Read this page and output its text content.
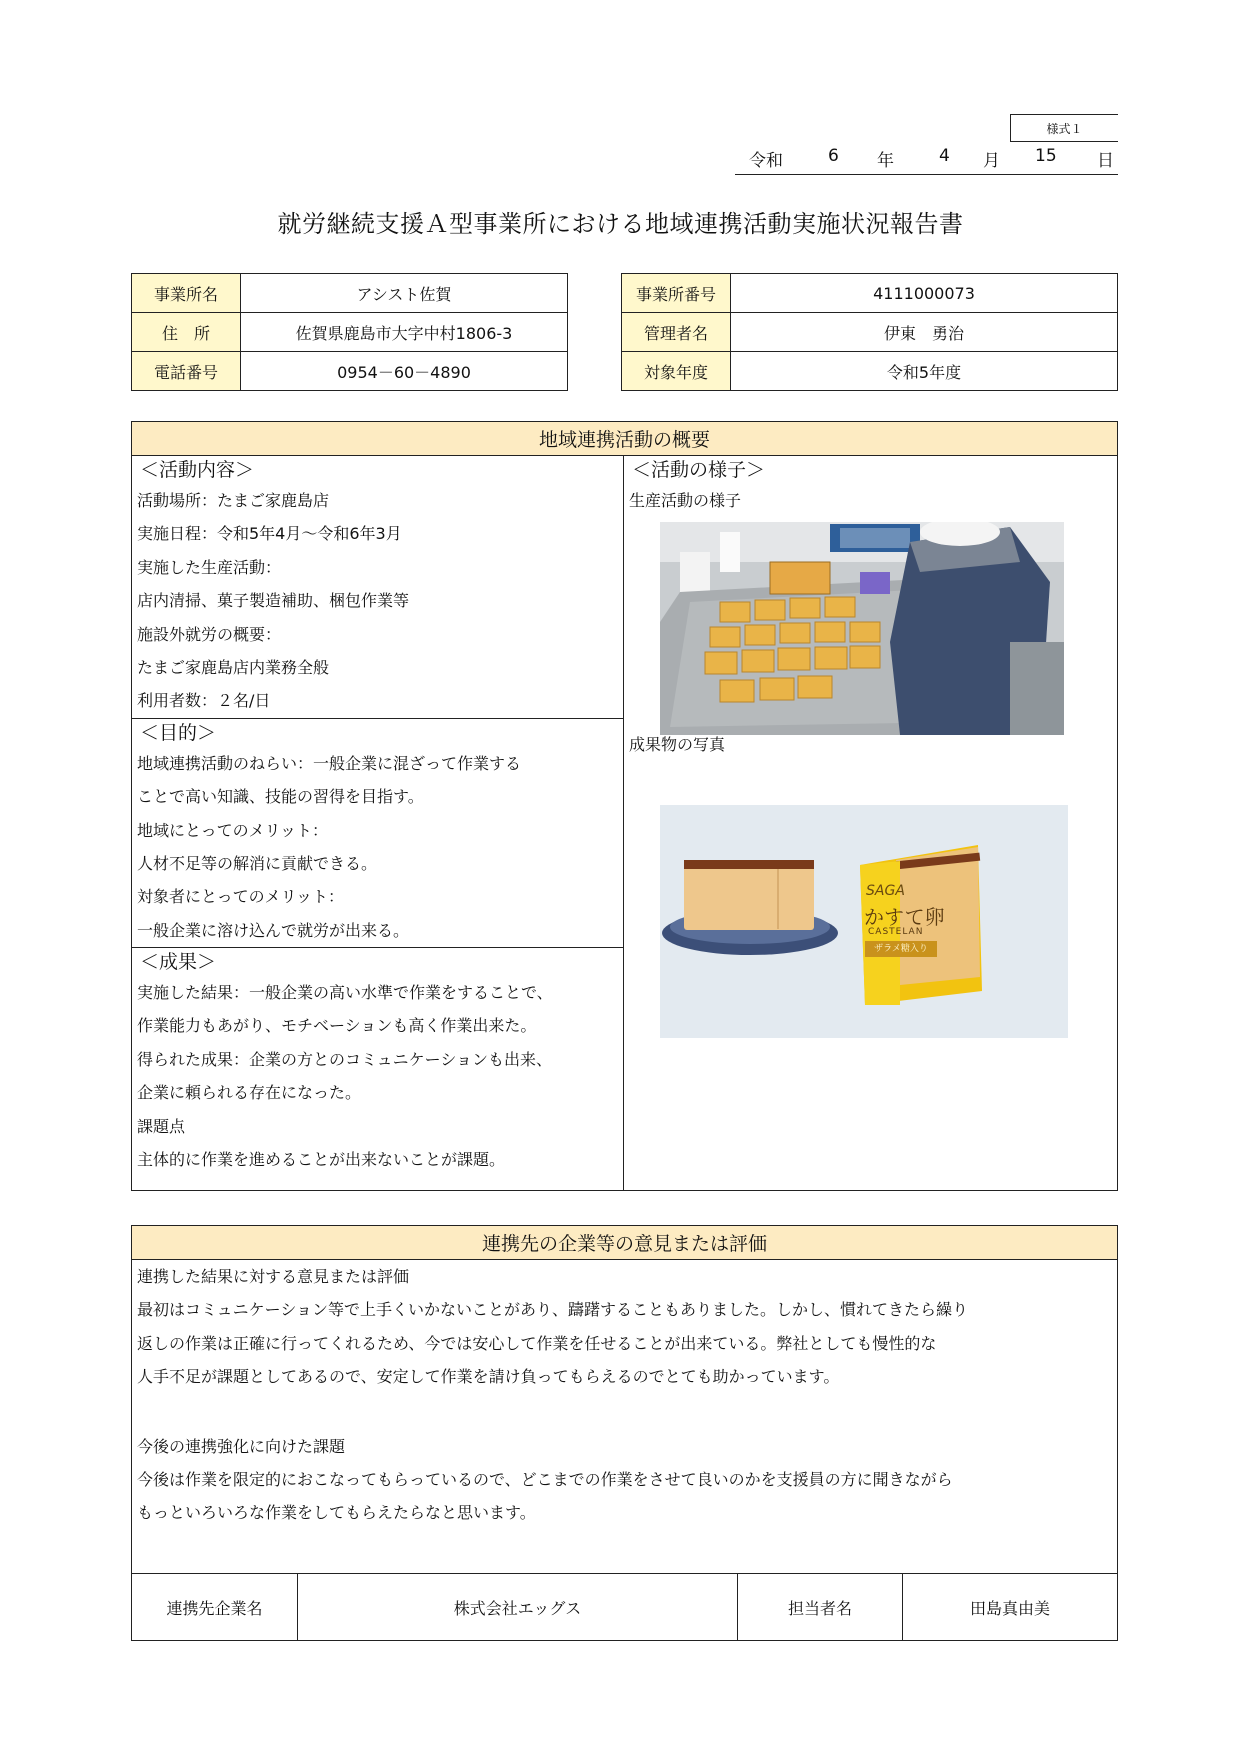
様式１
令和	6 年	4 月 15 日
就労継続支援Ａ型事業所における地域連携活動実施状況報告書
事業所名	アシスト佐賀
住　所	佐賀県鹿島市大字中村1806-3
電話番号	0954－60－4890
事業所番号	4111000073
管理者名	伊東　勇治
対象年度	令和5年度
地域連携活動の概要
＜活動内容＞
活動場所：たまご家鹿島店
実施日程：令和5年4月～令和6年3月
実施した生産活動：
店内清掃、菓子製造補助、梱包作業等
施設外就労の概要：
たまご家鹿島店内業務全般
利用者数：２名/日
＜目的＞
地域連携活動のねらい：一般企業に混ざって作業する
ことで高い知識、技能の習得を目指す。
地域にとってのメリット：
人材不足等の解消に貢献できる。
対象者にとってのメリット：
一般企業に溶け込んで就労が出来る。
＜成果＞
実施した結果：一般企業の高い水準で作業をすることで、
作業能力もあがり、モチベーションも高く作業出来た。
得られた成果：企業の方とのコミュニケーションも出来、
企業に頼られる存在になった。
課題点
主体的に作業を進めることが出来ないことが課題。
＜活動の様子＞
生産活動の様子
成果物の写真
SAGA
かすて卵
CASTELAN
ザラメ糖入り
連携先の企業等の意見または評価
連携した結果に対する意見または評価
最初はコミュニケーション等で上手くいかないことがあり、躊躇することもありました。しかし、慣れてきたら繰り
返しの作業は正確に行ってくれるため、今では安心して作業を任せることが出来ている。弊社としても慢性的な
人手不足が課題としてあるので、安定して作業を請け負ってもらえるのでとても助かっています。
今後の連携強化に向けた課題
今後は作業を限定的におこなってもらっているので、どこまでの作業をさせて良いのかを支援員の方に聞きながら
もっといろいろな作業をしてもらえたらなと思います。
連携先企業名	株式会社エッグス	担当者名	田島真由美
